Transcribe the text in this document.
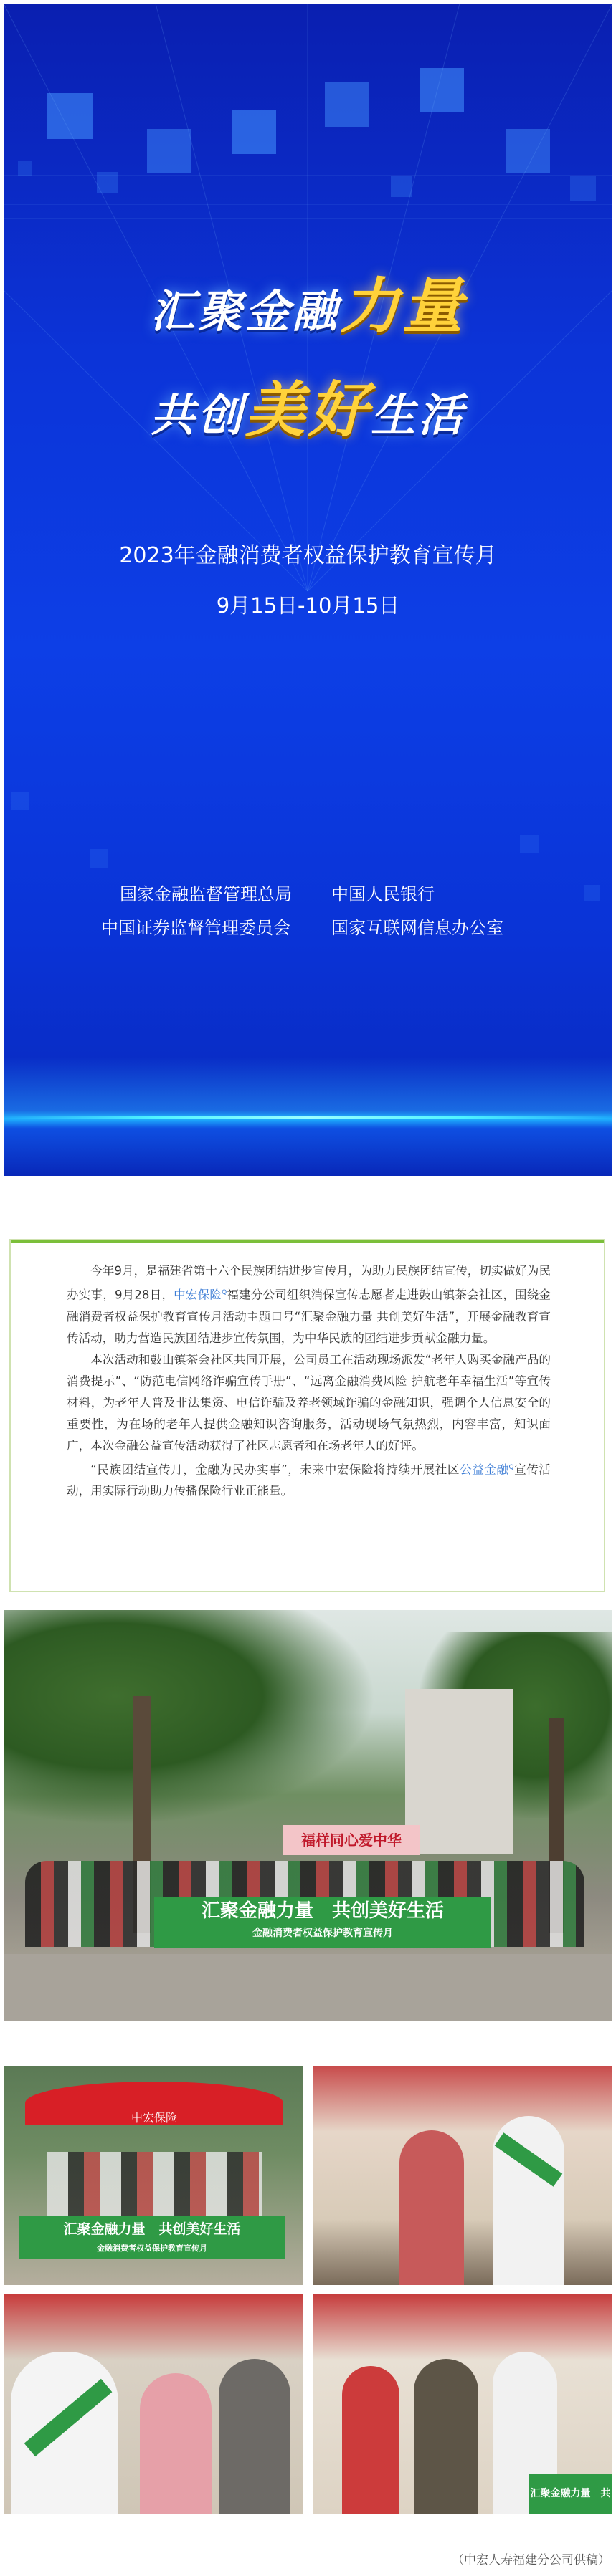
汇聚金融力量
共创美好生活
2023年金融消费者权益保护教育宣传月
9月15日-10月15日
国家金融监督管理总局 中国人民银行
中国证券监督管理委员会 国家互联网信息办公室

今年9月，是福建省第十六个民族团结进步宣传月，为助力民族团结宣传，切实做好为民办实事，9月28日，中宏保险$^Q$福建分公司组织消保宣传志愿者走进鼓山镇茶会社区，围绕金融消费者权益保护教育宣传月活动主题口号“汇聚金融力量 共创美好生活”，开展金融教育宣传活动，助力营造民族团结进步宣传氛围，为中华民族的团结进步贡献金融力量。

本次活动和鼓山镇茶会社区共同开展，公司员工在活动现场派发“老年人购买金融产品的消费提示”、“防范电信网络诈骗宣传手册”、“远离金融消费风险 护航老年幸福生活”等宣传材料，为老年人普及非法集资、电信诈骗及养老领域诈骗的金融知识，强调个人信息安全的重要性，为在场的老年人提供金融知识咨询服务，活动现场气氛热烈，内容丰富，知识面广，本次金融公益宣传活动获得了社区志愿者和在场老年人的好评。

“民族团结宣传月，金融为民办实事”，未来中宏保险将持续开展社区公益金融$^Q$宣传活动，用实际行动助力传播保险行业正能量。

福样同心爱中华
汇聚金融力量　共创美好生活
金融消费者权益保护教育宣传月
中宏保险
汇聚金融力量　共创美好生活
金融消费者权益保护教育宣传月
汇聚金融力量　共创美好生活
（中宏人寿福建分公司供稿）
